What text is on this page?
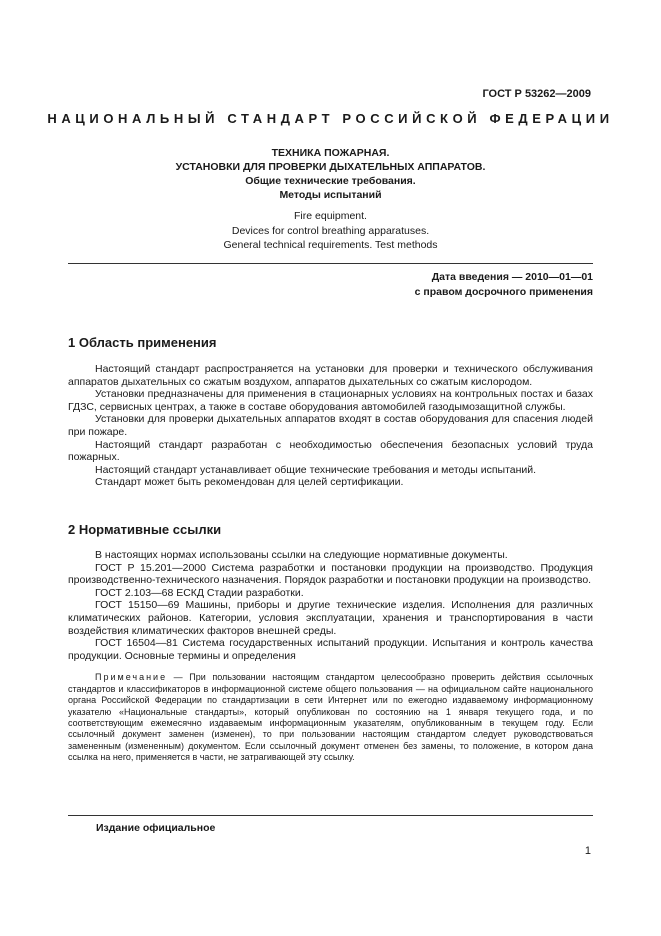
ГОСТ Р 53262—2009
НАЦИОНАЛЬНЫЙ СТАНДАРТ РОССИЙСКОЙ ФЕДЕРАЦИИ
ТЕХНИКА ПОЖАРНАЯ.
УСТАНОВКИ ДЛЯ ПРОВЕРКИ ДЫХАТЕЛЬНЫХ АППАРАТОВ.
Общие технические требования.
Методы испытаний
Fire equipment.
Devices for control breathing apparatuses.
General technical requirements. Test methods
Дата введения — 2010—01—01
с правом досрочного применения
1 Область применения

Настоящий стандарт распространяется на установки для проверки и технического обслуживания аппаратов дыхательных со сжатым воздухом, аппаратов дыхательных со сжатым кислородом.

Установки предназначены для применения в стационарных условиях на контрольных постах и базах ГДЗС, сервисных центрах, а также в составе оборудования автомобилей газодымозащитной службы.

Установки для проверки дыхательных аппаратов входят в состав оборудования для спасения людей при пожаре.

Настоящий стандарт разработан с необходимостью обеспечения безопасных условий труда пожарных.

Настоящий стандарт устанавливает общие технические требования и методы испытаний.

Стандарт может быть рекомендован для целей сертификации.

2 Нормативные ссылки

В настоящих нормах использованы ссылки на следующие нормативные документы.

ГОСТ Р 15.201—2000 Система разработки и постановки продукции на производство. Продукция производственно-технического назначения. Порядок разработки и постановки продукции на производство.

ГОСТ 2.103—68 ЕСКД Стадии разработки.

ГОСТ 15150—69 Машины, приборы и другие технические изделия. Исполнения для различных климатических районов. Категории, условия эксплуатации, хранения и транспортирования в части воздействия климатических факторов внешней среды.

ГОСТ 16504—81 Система государственных испытаний продукции. Испытания и контроль качества продукции. Основные термины и определения

Примечание — При пользовании настоящим стандартом целесообразно проверить действия ссылочных стандартов и классификаторов в информационной системе общего пользования — на официальном сайте национального органа Российской Федерации по стандартизации в сети Интернет или по ежегодно издаваемому информационному указателю «Национальные стандарты», который опубликован по состоянию на 1 января текущего года, и по соответствующим ежемесячно издаваемым информационным указателям, опубликованным в текущем году. Если ссылочный документ заменен (изменен), то при пользовании настоящим стандартом следует руководствоваться замененным (измененным) документом. Если ссылочный документ отменен без замены, то положение, в котором дана ссылка на него, применяется в части, не затрагивающей эту ссылку.

Издание официальное
1
